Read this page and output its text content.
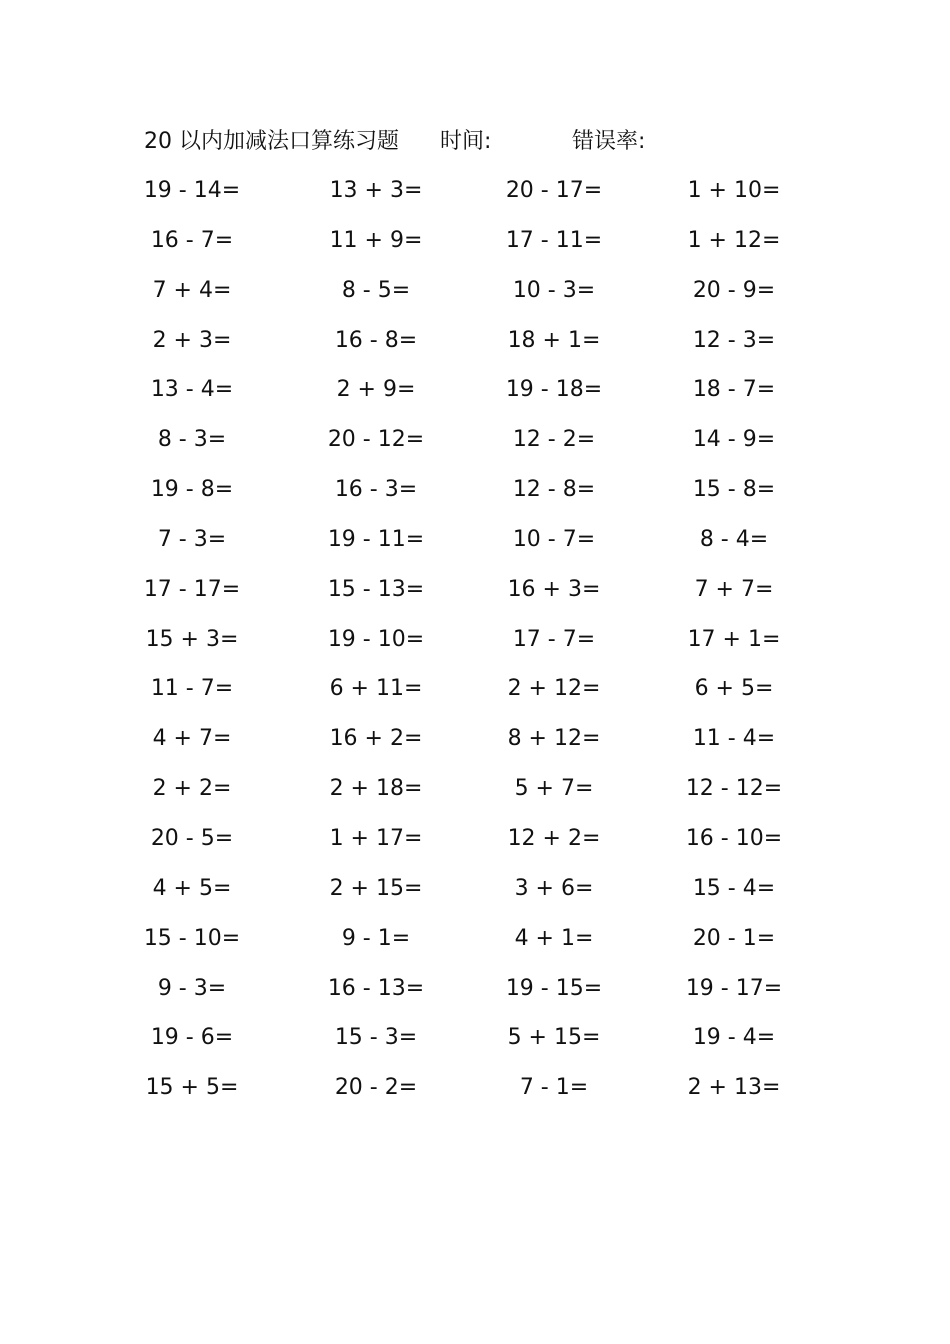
20 以内加减法口算练习题 时间:	错误率:
19 - 14=	13 + 3=	20 - 17=	1 + 10=
16 - 7=	11 + 9=	17 - 11=	1 + 12=
7 + 4=	8 - 5=	10 - 3=	20 - 9=
2 + 3=	16 - 8=	18 + 1=	12 - 3=
13 - 4=	2 + 9=	19 - 18=	18 - 7=
8 - 3=	20 - 12=	12 - 2=	14 - 9=
19 - 8=	16 - 3=	12 - 8=	15 - 8=
7 - 3=	19 - 11=	10 - 7=	8 - 4=
17 - 17=	15 - 13=	16 + 3=	7 + 7=
15 + 3=	19 - 10=	17 - 7=	17 + 1=
11 - 7=	6 + 11=	2 + 12=	6 + 5=
4 + 7=	16 + 2=	8 + 12=	11 - 4=
2 + 2=	2 + 18=	5 + 7=	12 - 12=
20 - 5=	1 + 17=	12 + 2=	16 - 10=
4 + 5=	2 + 15=	3 + 6=	15 - 4=
15 - 10=	9 - 1=	4 + 1=	20 - 1=
9 - 3=	16 - 13=	19 - 15=	19 - 17=
19 - 6=	15 - 3=	5 + 15=	19 - 4=
15 + 5=	20 - 2=	7 - 1=	2 + 13=
